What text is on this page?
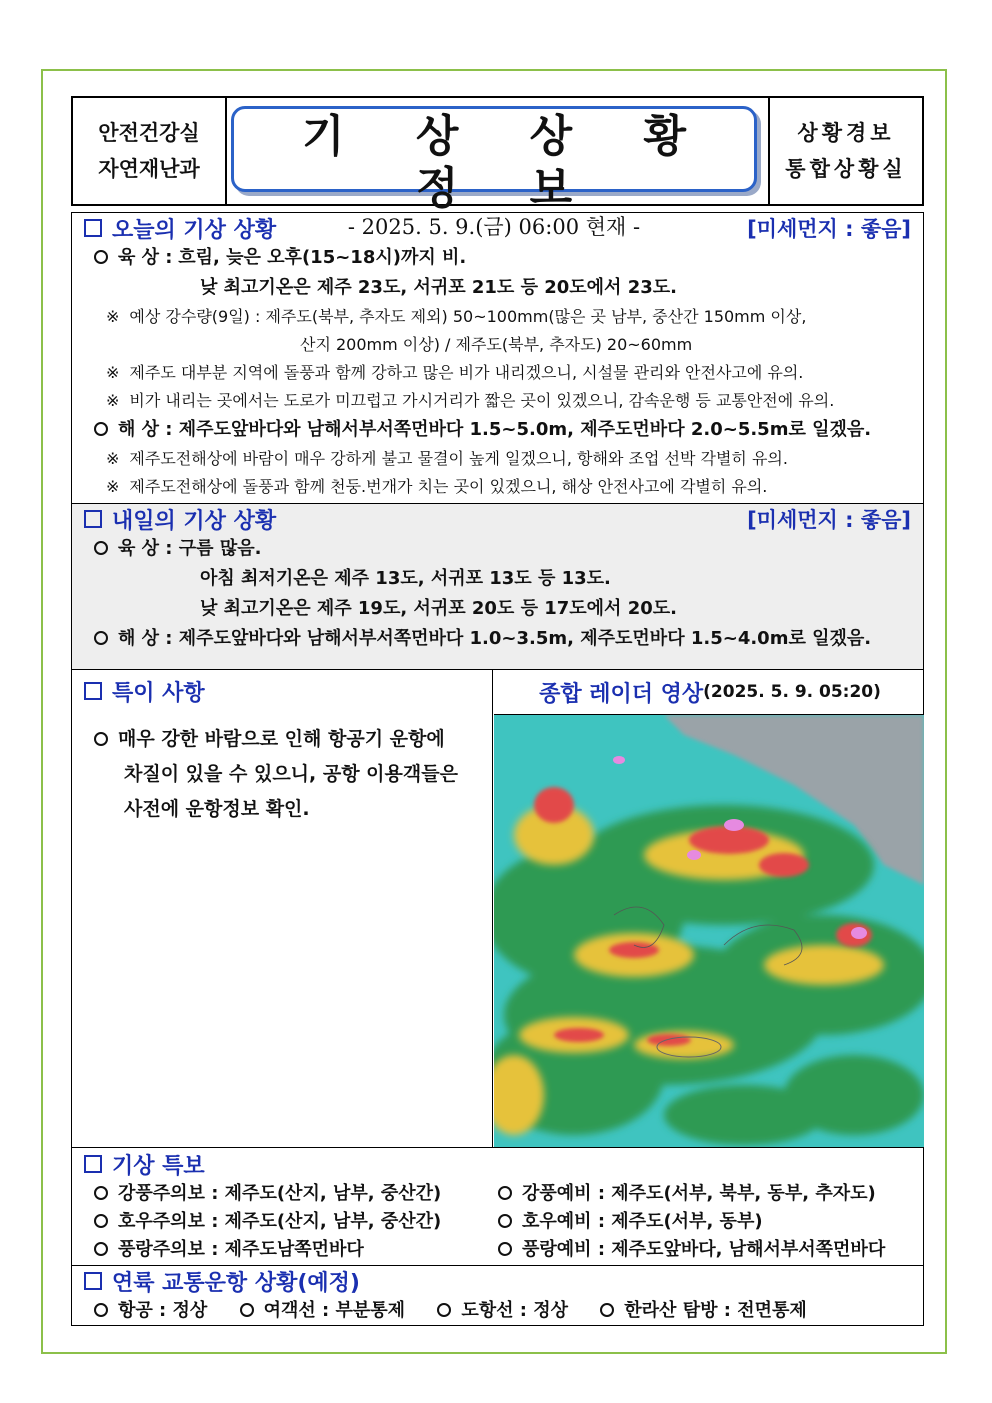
안전건강실
자연재난과
기 상 상 황 정 보
- 2025. 5. 9.(금) 06:00 현재 -
상황경보
통합상황실
오늘의 기상 상황	[미세먼지 : 좋음]
육 상 : 흐림, 늦은 오후(15~18시)까지 비.
낮 최고기온은 제주 23도, 서귀포 21도 등 20도에서 23도.
※ 예상 강수량(9일) : 제주도(북부, 추자도 제외) 50~100mm(많은 곳 남부, 중산간 150mm 이상,
산지 200mm 이상) / 제주도(북부, 추자도) 20~60mm
※ 제주도 대부분 지역에 돌풍과 함께 강하고 많은 비가 내리겠으니, 시설물 관리와 안전사고에 유의.
※ 비가 내리는 곳에서는 도로가 미끄럽고 가시거리가 짧은 곳이 있겠으니, 감속운행 등 교통안전에 유의.
해 상 : 제주도앞바다와 남해서부서쪽먼바다 1.5~5.0m, 제주도먼바다 2.0~5.5m로 일겠음.
※ 제주도전해상에 바람이 매우 강하게 불고 물결이 높게 일겠으니, 항해와 조업 선박 각별히 유의.
※ 제주도전해상에 돌풍과 함께 천둥.번개가 치는 곳이 있겠으니, 해상 안전사고에 각별히 유의.
내일의 기상 상황	[미세먼지 : 좋음]
육 상 : 구름 많음.
아침 최저기온은 제주 13도, 서귀포 13도 등 13도.
낮 최고기온은 제주 19도, 서귀포 20도 등 17도에서 20도.
해 상 : 제주도앞바다와 남해서부서쪽먼바다 1.0~3.5m, 제주도먼바다 1.5~4.0m로 일겠음.
특이 사항
매우 강한 바람으로 인해 항공기 운항에
차질이 있을 수 있으니, 공항 이용객들은
사전에 운항정보 확인.
종합 레이더 영상 (2025. 5. 9. 05:20)
기상 특보
강풍주의보 : 제주도(산지, 남부, 중산간)	강풍예비 : 제주도(서부, 북부, 동부, 추자도)
호우주의보 : 제주도(산지, 남부, 중산간)	호우예비 : 제주도(서부, 동부)
풍랑주의보 : 제주도남쪽먼바다	풍랑예비 : 제주도앞바다, 남해서부서쪽먼바다
연륙 교통운항 상황(예정)
항공 : 정상	여객선 : 부분통제	도항선 : 정상	한라산 탐방 : 전면통제
